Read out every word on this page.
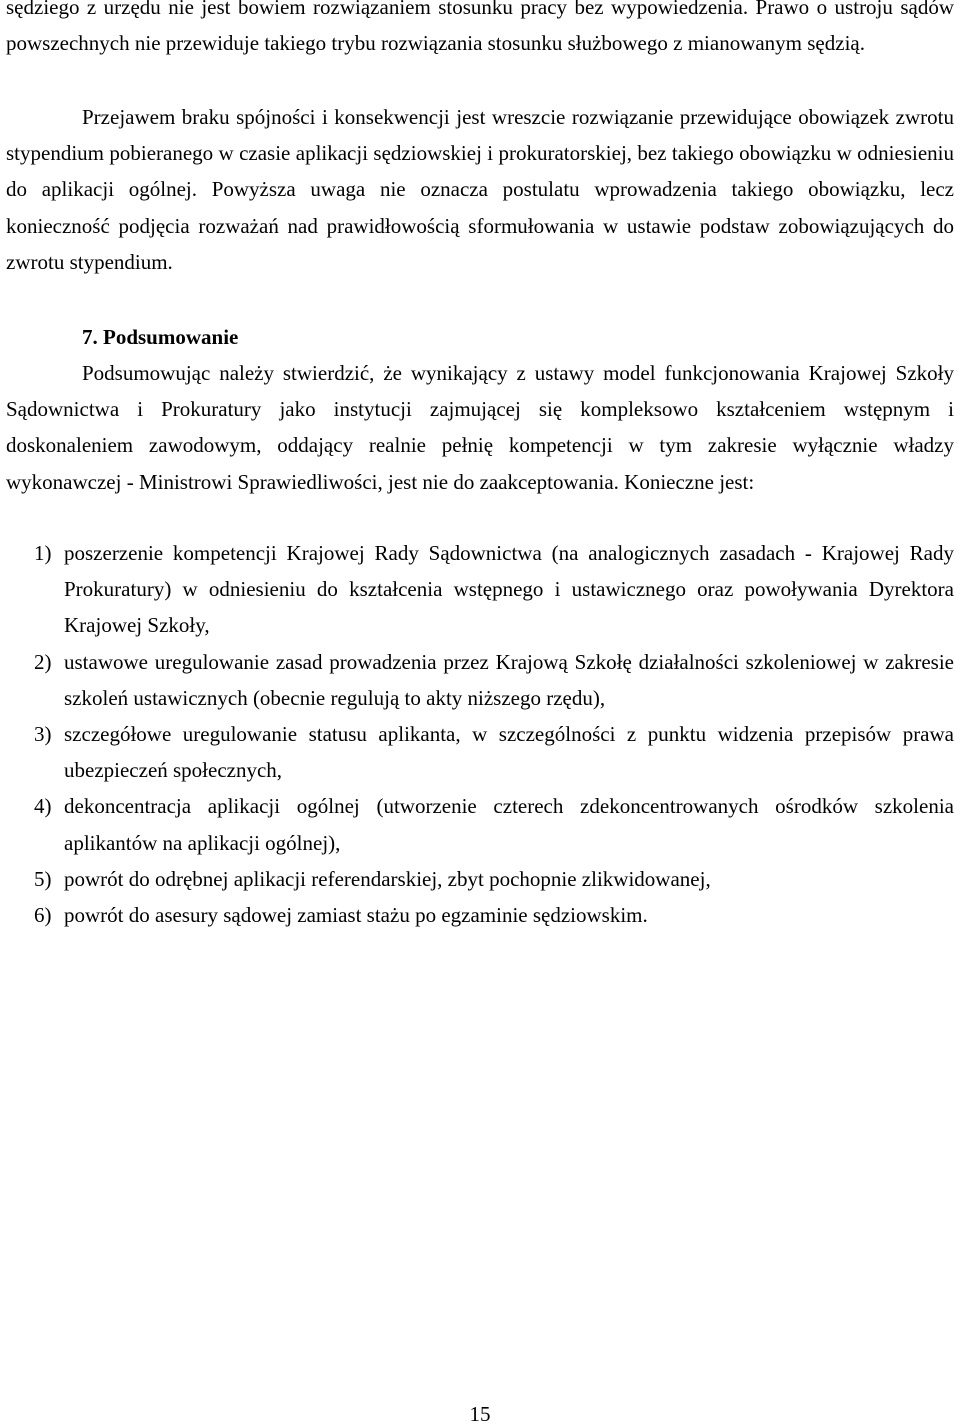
sędziego z urzędu nie jest bowiem rozwiązaniem stosunku pracy bez wypowiedzenia. Prawo o ustroju sądów powszechnych nie przewiduje takiego trybu rozwiązania stosunku służbowego z mianowanym sędzią.

Przejawem braku spójności i konsekwencji jest wreszcie rozwiązanie przewidujące obowiązek zwrotu stypendium pobieranego w czasie aplikacji sędziowskiej i prokuratorskiej, bez takiego obowiązku w odniesieniu do aplikacji ogólnej. Powyższa uwaga nie oznacza postulatu wprowadzenia takiego obowiązku, lecz konieczność podjęcia rozważań nad prawidłowością sformułowania w ustawie podstaw zobowiązujących do zwrotu stypendium.

7. Podsumowanie

Podsumowując należy stwierdzić, że wynikający z ustawy model funkcjonowania Krajowej Szkoły Sądownictwa i Prokuratury jako instytucji zajmującej się kompleksowo kształceniem wstępnym i doskonaleniem zawodowym, oddający realnie pełnię kompetencji w tym zakresie wyłącznie władzy wykonawczej - Ministrowi Sprawiedliwości, jest nie do zaakceptowania. Konieczne jest:

1) poszerzenie kompetencji Krajowej Rady Sądownictwa (na analogicznych zasadach - Krajowej Rady Prokuratury) w odniesieniu do kształcenia wstępnego i ustawicznego oraz powoływania Dyrektora Krajowej Szkoły,
2) ustawowe uregulowanie zasad prowadzenia przez Krajową Szkołę działalności szkoleniowej w zakresie szkoleń ustawicznych (obecnie regulują to akty niższego rzędu),
3) szczegółowe uregulowanie statusu aplikanta, w szczególności z punktu widzenia przepisów prawa ubezpieczeń społecznych,
4) dekoncentracja aplikacji ogólnej (utworzenie czterech zdekoncentrowanych ośrodków szkolenia aplikantów na aplikacji ogólnej),
5) powrót do odrębnej aplikacji referendarskiej, zbyt pochopnie zlikwidowanej,
6) powrót do asesury sądowej zamiast stażu po egzaminie sędziowskim.

15
